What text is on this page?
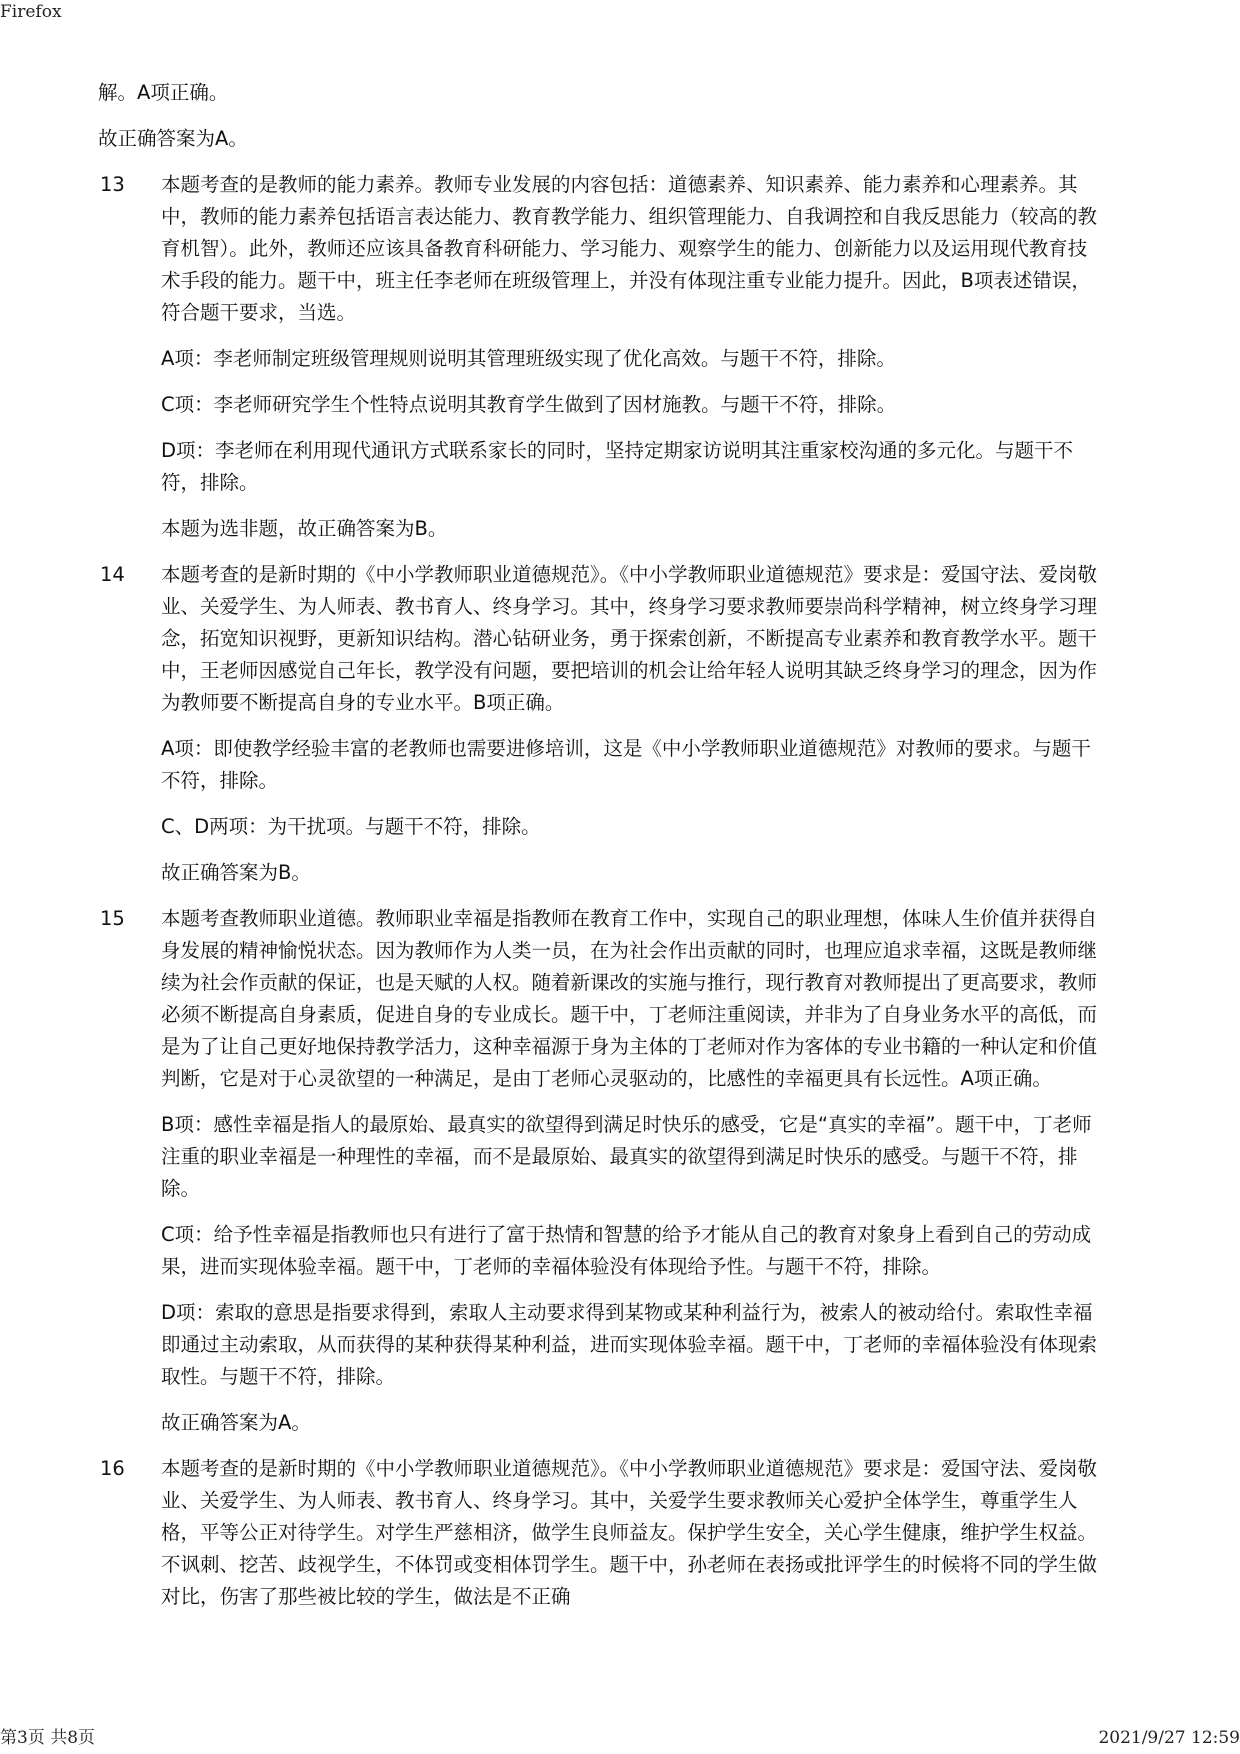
Firefox

解。A项正确。

故正确答案为A。

13	本题考查的是教师的能力素养。教师专业发展的内容包括：道德素养、知识素养、能力素养和心理素养。其中，教师的能力素养包括语言表达能力、教育教学能力、组织管理能力、自我调控和自我反思能力（较高的教育机智）。此外，教师还应该具备教育科研能力、学习能力、观察学生的能力、创新能力以及运用现代教育技术手段的能力。题干中，班主任李老师在班级管理上，并没有体现注重专业能力提升。因此，B项表述错误，符合题干要求，当选。

A项：李老师制定班级管理规则说明其管理班级实现了优化高效。与题干不符，排除。

C项：李老师研究学生个性特点说明其教育学生做到了因材施教。与题干不符，排除。

D项：李老师在利用现代通讯方式联系家长的同时，坚持定期家访说明其注重家校沟通的多元化。与题干不符，排除。

本题为选非题，故正确答案为B。

14	本题考查的是新时期的《中小学教师职业道德规范》。《中小学教师职业道德规范》要求是：爱国守法、爱岗敬业、关爱学生、为人师表、教书育人、终身学习。其中，终身学习要求教师要崇尚科学精神，树立终身学习理念，拓宽知识视野，更新知识结构。潜心钻研业务，勇于探索创新，不断提高专业素养和教育教学水平。题干中，王老师因感觉自己年长，教学没有问题，要把培训的机会让给年轻人说明其缺乏终身学习的理念，因为作为教师要不断提高自身的专业水平。B项正确。

A项：即使教学经验丰富的老教师也需要进修培训，这是《中小学教师职业道德规范》对教师的要求。与题干不符，排除。

C、D两项：为干扰项。与题干不符，排除。

故正确答案为B。

15	本题考查教师职业道德。教师职业幸福是指教师在教育工作中，实现自己的职业理想，体味人生价值并获得自身发展的精神愉悦状态。因为教师作为人类一员，在为社会作出贡献的同时，也理应追求幸福，这既是教师继续为社会作贡献的保证，也是天赋的人权。随着新课改的实施与推行，现行教育对教师提出了更高要求，教师必须不断提高自身素质，促进自身的专业成长。题干中，丁老师注重阅读，并非为了自身业务水平的高低，而是为了让自己更好地保持教学活力，这种幸福源于身为主体的丁老师对作为客体的专业书籍的一种认定和价值判断，它是对于心灵欲望的一种满足，是由丁老师心灵驱动的，比感性的幸福更具有长远性。A项正确。

B项：感性幸福是指人的最原始、最真实的欲望得到满足时快乐的感受，它是“真实的幸福”。题干中，丁老师注重的职业幸福是一种理性的幸福，而不是最原始、最真实的欲望得到满足时快乐的感受。与题干不符，排除。

C项：给予性幸福是指教师也只有进行了富于热情和智慧的给予才能从自己的教育对象身上看到自己的劳动成果，进而实现体验幸福。题干中，丁老师的幸福体验没有体现给予性。与题干不符，排除。

D项：索取的意思是指要求得到，索取人主动要求得到某物或某种利益行为，被索人的被动给付。索取性幸福即通过主动索取，从而获得的某种获得某种利益，进而实现体验幸福。题干中，丁老师的幸福体验没有体现索取性。与题干不符，排除。

故正确答案为A。

16	本题考查的是新时期的《中小学教师职业道德规范》。《中小学教师职业道德规范》要求是：爱国守法、爱岗敬业、关爱学生、为人师表、教书育人、终身学习。其中，关爱学生要求教师关心爱护全体学生，尊重学生人格，平等公正对待学生。对学生严慈相济，做学生良师益友。保护学生安全，关心学生健康，维护学生权益。不讽刺、挖苦、歧视学生，不体罚或变相体罚学生。题干中，孙老师在表扬或批评学生的时候将不同的学生做对比，伤害了那些被比较的学生，做法是不正确

第3页 共8页	2021/9/27 12:59
